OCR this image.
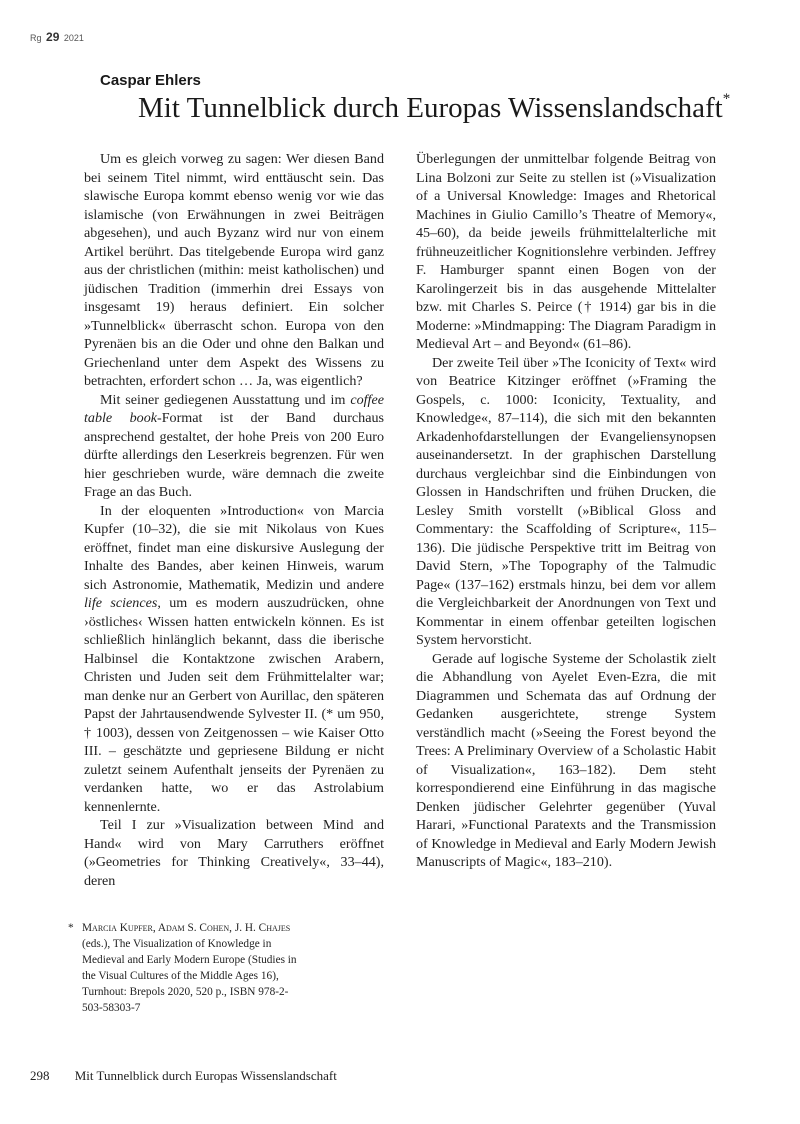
Rg 29 2021
Caspar Ehlers
Mit Tunnelblick durch Europas Wissenslandschaft*

Um es gleich vorweg zu sagen: Wer diesen Band bei seinem Titel nimmt, wird enttäuscht sein. Das slawische Europa kommt ebenso wenig vor wie das islamische (von Erwähnungen in zwei Beiträgen abgesehen), und auch Byzanz wird nur von einem Artikel berührt. Das titelgebende Europa wird ganz aus der christlichen (mithin: meist katholischen) und jüdischen Tradition (immerhin drei Essays von insgesamt 19) heraus definiert. Ein solcher »Tunnelblick« überrascht schon. Europa von den Pyrenäen bis an die Oder und ohne den Balkan und Griechenland unter dem Aspekt des Wissens zu betrachten, erfordert schon … Ja, was eigentlich?

Mit seiner gediegenen Ausstattung und im coffee table book-Format ist der Band durchaus ansprechend gestaltet, der hohe Preis von 200 Euro dürfte allerdings den Leserkreis begrenzen. Für wen hier geschrieben wurde, wäre demnach die zweite Frage an das Buch.

In der eloquenten »Introduction« von Marcia Kupfer (10–32), die sie mit Nikolaus von Kues eröffnet, findet man eine diskursive Auslegung der Inhalte des Bandes, aber keinen Hinweis, warum sich Astronomie, Mathematik, Medizin und andere life sciences, um es modern auszudrücken, ohne ›östliches‹ Wissen hatten entwickeln können. Es ist schließlich hinlänglich bekannt, dass die iberische Halbinsel die Kontaktzone zwischen Arabern, Christen und Juden seit dem Frühmittelalter war; man denke nur an Gerbert von Aurillac, den späteren Papst der Jahrtausendwende Sylvester II. (* um 950, † 1003), dessen von Zeitgenossen – wie Kaiser Otto III. – geschätzte und gepriesene Bildung er nicht zuletzt seinem Aufenthalt jenseits der Pyrenäen zu verdanken hatte, wo er das Astrolabium kennenlernte.

Teil I zur »Visualization between Mind and Hand« wird von Mary Carruthers eröffnet (»Geometries for Thinking Creatively«, 33–44), deren

Überlegungen der unmittelbar folgende Beitrag von Lina Bolzoni zur Seite zu stellen ist (»Visualization of a Universal Knowledge: Images and Rhetorical Machines in Giulio Camillo’s Theatre of Memory«, 45–60), da beide jeweils frühmittelalterliche mit frühneuzeitlicher Kognitionslehre verbinden. Jeffrey F. Hamburger spannt einen Bogen von der Karolingerzeit bis in das ausgehende Mittelalter bzw. mit Charles S. Peirce († 1914) gar bis in die Moderne: »Mindmapping: The Diagram Paradigm in Medieval Art – and Beyond« (61–86).

Der zweite Teil über »The Iconicity of Text« wird von Beatrice Kitzinger eröffnet (»Framing the Gospels, c. 1000: Iconicity, Textuality, and Knowledge«, 87–114), die sich mit den bekannten Arkadenhofdarstellungen der Evangeliensynopsen auseinandersetzt. In der graphischen Darstellung durchaus vergleichbar sind die Einbindungen von Glossen in Handschriften und frühen Drucken, die Lesley Smith vorstellt (»Biblical Gloss and Commentary: the Scaffolding of Scripture«, 115–136). Die jüdische Perspektive tritt im Beitrag von David Stern, »The Topography of the Talmudic Page« (137–162) erstmals hinzu, bei dem vor allem die Vergleichbarkeit der Anordnungen von Text und Kommentar in einem offenbar geteilten logischen System hervorsticht.

Gerade auf logische Systeme der Scholastik zielt die Abhandlung von Ayelet Even-Ezra, die mit Diagrammen und Schemata das auf Ordnung der Gedanken ausgerichtete, strenge System verständlich macht (»Seeing the Forest beyond the Trees: A Preliminary Overview of a Scholastic Habit of Visualization«, 163–182). Dem steht korrespondierend eine Einführung in das magische Denken jüdischer Gelehrter gegenüber (Yuval Harari, »Functional Paratexts and the Transmission of Knowledge in Medieval and Early Modern Jewish Manuscripts of Magic«, 183–210).

* Marcia Kupfer, Adam S. Cohen, J. H. Chajes (eds.), The Visualization of Knowledge in Medieval and Early Modern Europe (Studies in the Visual Cultures of the Middle Ages 16), Turnhout: Brepols 2020, 520 p., ISBN 978-2-503-58303-7
298 Mit Tunnelblick durch Europas Wissenslandschaft
